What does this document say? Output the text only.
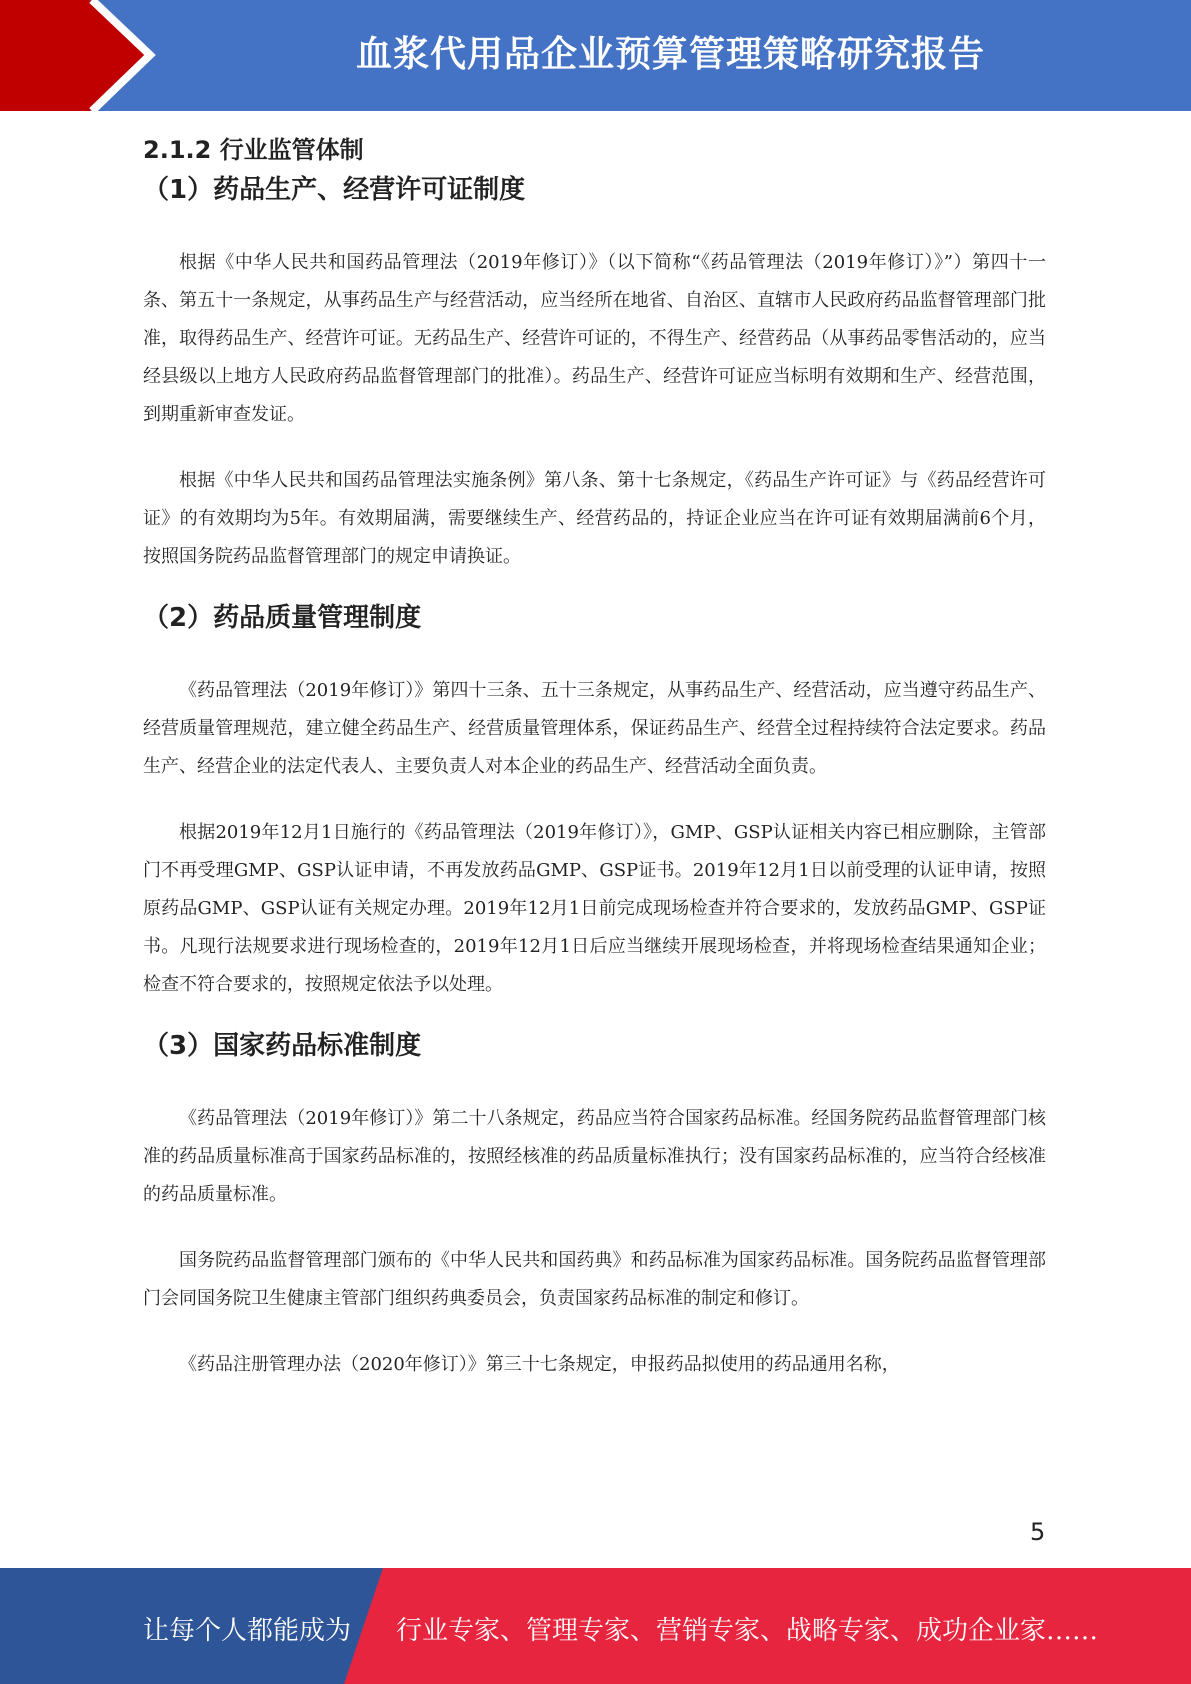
血浆代用品企业预算管理策略研究报告
2.1.2 行业监管体制
（1）药品生产、经营许可证制度

根据《中华人民共和国药品管理法（2019年修订）》（以下简称“《药品管理法（2019年修订）》”）第四十一条、第五十一条规定，从事药品生产与经营活动，应当经所在地省、自治区、直辖市人民政府药品监督管理部门批准，取得药品生产、经营许可证。无药品生产、经营许可证的，不得生产、经营药品（从事药品零售活动的，应当经县级以上地方人民政府药品监督管理部门的批准）。药品生产、经营许可证应当标明有效期和生产、经营范围，到期重新审查发证。

根据《中华人民共和国药品管理法实施条例》第八条、第十七条规定，《药品生产许可证》与《药品经营许可证》的有效期均为5年。有效期届满，需要继续生产、经营药品的，持证企业应当在许可证有效期届满前6个月，按照国务院药品监督管理部门的规定申请换证。

（2）药品质量管理制度

《药品管理法（2019年修订）》第四十三条、五十三条规定，从事药品生产、经营活动，应当遵守药品生产、经营质量管理规范，建立健全药品生产、经营质量管理体系，保证药品生产、经营全过程持续符合法定要求。药品生产、经营企业的法定代表人、主要负责人对本企业的药品生产、经营活动全面负责。

根据2019年12月1日施行的《药品管理法（2019年修订）》，GMP、GSP认证相关内容已相应删除，主管部门不再受理GMP、GSP认证申请，不再发放药品GMP、GSP证书。2019年12月1日以前受理的认证申请，按照原药品GMP、GSP认证有关规定办理。2019年12月1日前完成现场检查并符合要求的，发放药品GMP、GSP证书。凡现行法规要求进行现场检查的，2019年12月1日后应当继续开展现场检查，并将现场检查结果通知企业；检查不符合要求的，按照规定依法予以处理。

（3）国家药品标准制度

《药品管理法（2019年修订）》第二十八条规定，药品应当符合国家药品标准。经国务院药品监督管理部门核准的药品质量标准高于国家药品标准的，按照经核准的药品质量标准执行；没有国家药品标准的，应当符合经核准的药品质量标准。

国务院药品监督管理部门颁布的《中华人民共和国药典》和药品标准为国家药品标准。国务院药品监督管理部门会同国务院卫生健康主管部门组织药典委员会，负责国家药品标准的制定和修订。

《药品注册管理办法（2020年修订）》第三十七条规定，申报药品拟使用的药品通用名称，

5
让每个人都能成为 行业专家、管理专家、营销专家、战略专家、成功企业家……
